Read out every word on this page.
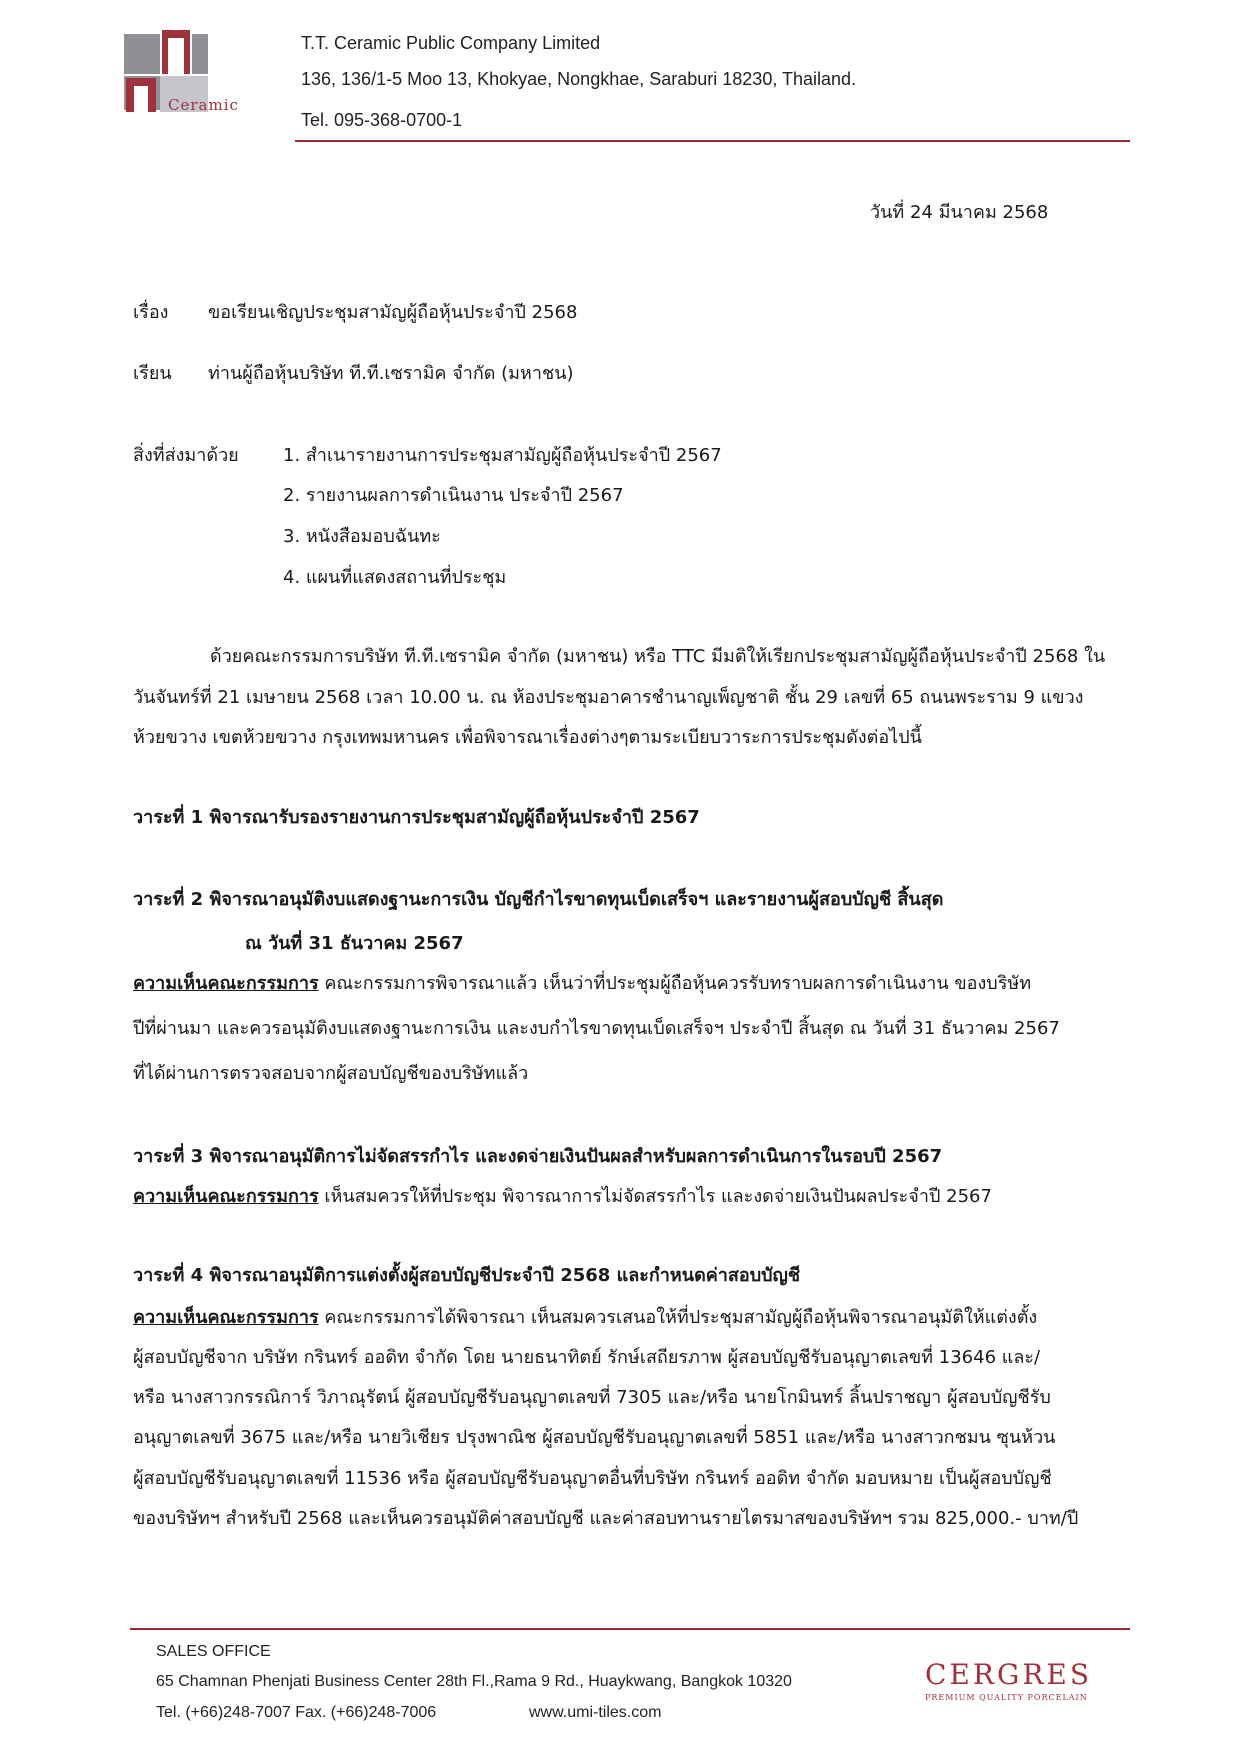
Ceramic
T.T. Ceramic Public Company Limited
136, 136/1-5 Moo 13, Khokyae, Nongkhae, Saraburi 18230, Thailand.
Tel. 095-368-0700-1
วันที่ 24 มีนาคม 2568
เรื่อง ขอเรียนเชิญประชุมสามัญผู้ถือหุ้นประจำปี 2568
เรียน ท่านผู้ถือหุ้นบริษัท ที.ที.เซรามิค จำกัด (มหาชน)
สิ่งที่ส่งมาด้วย 1. สำเนารายงานการประชุมสามัญผู้ถือหุ้นประจำปี 2567
2. รายงานผลการดำเนินงาน ประจำปี 2567
3. หนังสือมอบฉันทะ
4. แผนที่แสดงสถานที่ประชุม
ด้วยคณะกรรมการบริษัท ที.ที.เซรามิค จำกัด (มหาชน) หรือ TTC มีมติให้เรียกประชุมสามัญผู้ถือหุ้นประจำปี 2568 ใน
วันจันทร์ที่ 21 เมษายน 2568 เวลา 10.00 น. ณ ห้องประชุมอาคารชำนาญเพ็ญชาติ ชั้น 29 เลขที่ 65 ถนนพระราม 9 แขวง
ห้วยขวาง เขตห้วยขวาง กรุงเทพมหานคร เพื่อพิจารณาเรื่องต่างๆตามระเบียบวาระการประชุมดังต่อไปนี้
วาระที่ 1 พิจารณารับรองรายงานการประชุมสามัญผู้ถือหุ้นประจำปี 2567
วาระที่ 2 พิจารณาอนุมัติงบแสดงฐานะการเงิน บัญชีกำไรขาดทุนเบ็ดเสร็จฯ และรายงานผู้สอบบัญชี สิ้นสุด
ณ วันที่ 31 ธันวาคม 2567
ความเห็นคณะกรรมการ คณะกรรมการพิจารณาแล้ว เห็นว่าที่ประชุมผู้ถือหุ้นควรรับทราบผลการดำเนินงาน ของบริษัท
ปีที่ผ่านมา และควรอนุมัติงบแสดงฐานะการเงิน และงบกำไรขาดทุนเบ็ดเสร็จฯ ประจำปี สิ้นสุด ณ วันที่ 31 ธันวาคม 2567
ที่ได้ผ่านการตรวจสอบจากผู้สอบบัญชีของบริษัทแล้ว
วาระที่ 3 พิจารณาอนุมัติการไม่จัดสรรกำไร และงดจ่ายเงินปันผลสำหรับผลการดำเนินการในรอบปี 2567
ความเห็นคณะกรรมการ เห็นสมควรให้ที่ประชุม พิจารณาการไม่จัดสรรกำไร และงดจ่ายเงินปันผลประจำปี 2567
วาระที่ 4 พิจารณาอนุมัติการแต่งตั้งผู้สอบบัญชีประจำปี 2568 และกำหนดค่าสอบบัญชี
ความเห็นคณะกรรมการ คณะกรรมการได้พิจารณา เห็นสมควรเสนอให้ที่ประชุมสามัญผู้ถือหุ้นพิจารณาอนุมัติให้แต่งตั้ง
ผู้สอบบัญชีจาก บริษัท กรินทร์ ออดิท จำกัด โดย นายธนาทิตย์ รักษ์เสถียรภาพ ผู้สอบบัญชีรับอนุญาตเลขที่ 13646 และ/
หรือ นางสาวกรรณิการ์ วิภาณุรัตน์ ผู้สอบบัญชีรับอนุญาตเลขที่ 7305 และ/หรือ นายโกมินทร์ ลิ้นปราชญา ผู้สอบบัญชีรับ
อนุญาตเลขที่ 3675 และ/หรือ นายวิเชียร ปรุงพาณิช ผู้สอบบัญชีรับอนุญาตเลขที่ 5851 และ/หรือ นางสาวกชมน ซุนห้วน
ผู้สอบบัญชีรับอนุญาตเลขที่ 11536 หรือ ผู้สอบบัญชีรับอนุญาตอื่นที่บริษัท กรินทร์ ออดิท จำกัด มอบหมาย เป็นผู้สอบบัญชี
ของบริษัทฯ สำหรับปี 2568 และเห็นควรอนุมัติค่าสอบบัญชี และค่าสอบทานรายไตรมาสของบริษัทฯ รวม 825,000.- บาท/ปี
SALES OFFICE
65 Chamnan Phenjati Business Center 28th Fl.,Rama 9 Rd., Huaykwang, Bangkok 10320
Tel. (+66)248-7007 Fax. (+66)248-7006	www.umi-tiles.com
CERGRES
PREMIUM QUALITY PORCELAIN
